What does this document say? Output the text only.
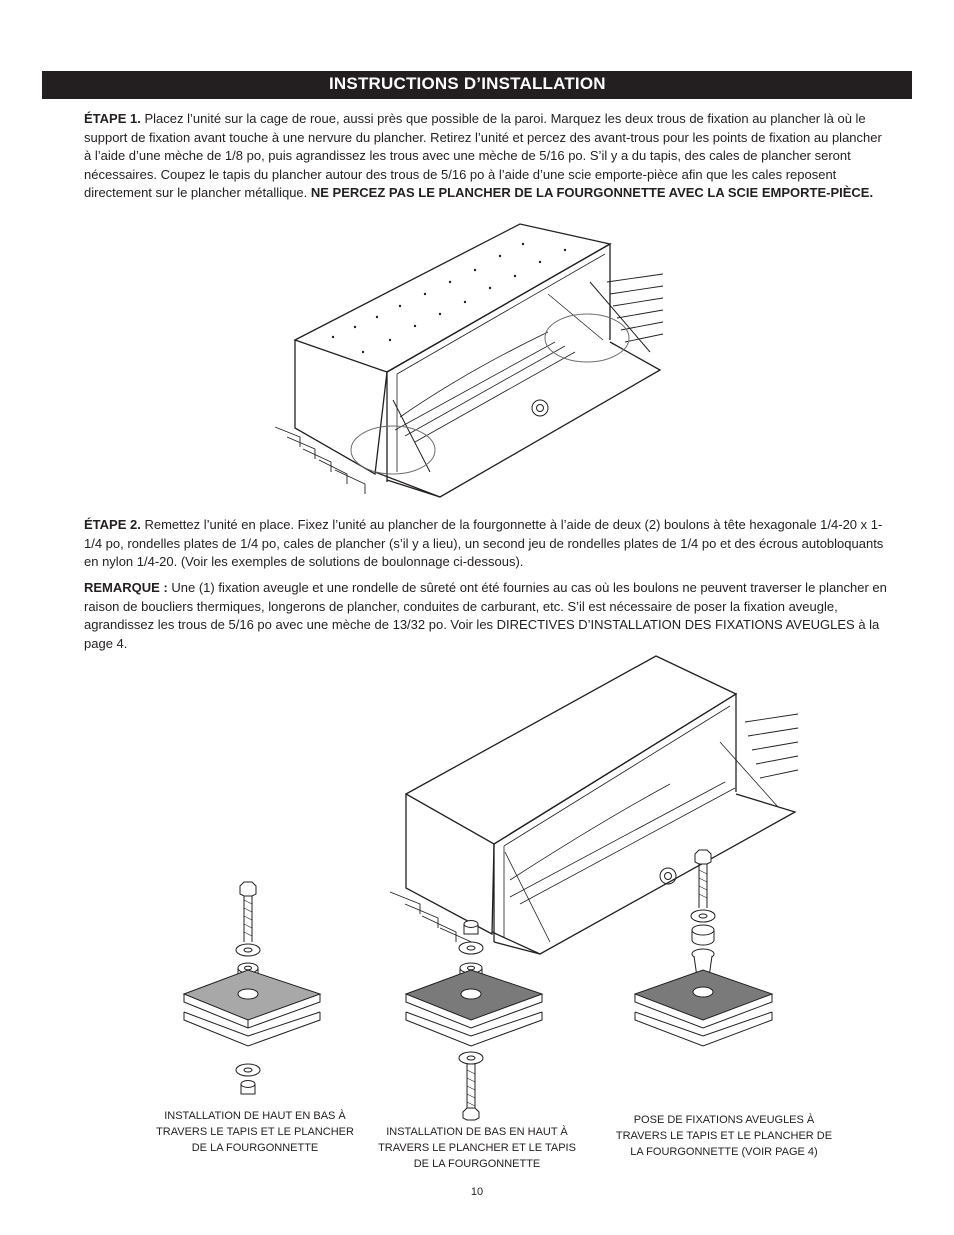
INSTRUCTIONS D’INSTALLATION
ÉTAPE 1. Placez l’unité sur la cage de roue, aussi près que possible de la paroi. Marquez les deux trous de fixation au plancher là où le support de fixation avant touche à une nervure du plancher. Retirez l’unité et percez des avant-trous pour les points de fixation au plancher à l’aide d’une mèche de 1/8 po, puis agrandissez les trous avec une mèche de 5/16 po. S’il y a du tapis, des cales de plancher seront nécessaires. Coupez le tapis du plancher autour des trous de 5/16 po à l’aide d’une scie emporte-pièce afin que les cales reposent directement sur le plancher métallique. NE PERCEZ PAS LE PLANCHER DE LA FOURGONNETTE AVEC LA SCIE EMPORTE-PIÈCE.
ÉTAPE 2. Remettez l’unité en place. Fixez l’unité au plancher de la fourgonnette à l’aide de deux (2) boulons à tête hexagonale 1/4-20 x 1-1/4 po, rondelles plates de 1/4 po, cales de plancher (s’il y a lieu), un second jeu de rondelles plates de 1/4 po et des écrous autobloquants en nylon 1/4-20. (Voir les exemples de solutions de boulonnage ci-dessous).
REMARQUE : Une (1) fixation aveugle et une rondelle de sûreté ont été fournies au cas où les boulons ne peuvent traverser le plancher en raison de boucliers thermiques, longerons de plancher, conduites de carburant, etc. S’il est nécessaire de poser la fixation aveugle, agrandissez les trous de 5/16 po avec une mèche de 13/32 po. Voir les DIRECTIVES D’INSTALLATION DES FIXATIONS AVEUGLES à la page 4.
INSTALLATION DE HAUT EN BAS À TRAVERS LE TAPIS ET LE PLANCHER DE LA FOURGONNETTE
INSTALLATION DE BAS EN HAUT À TRAVERS LE PLANCHER ET LE TAPIS DE LA FOURGONNETTE
POSE DE FIXATIONS AVEUGLES À TRAVERS LE TAPIS ET LE PLANCHER DE LA FOURGONNETTE (VOIR PAGE 4)
10
